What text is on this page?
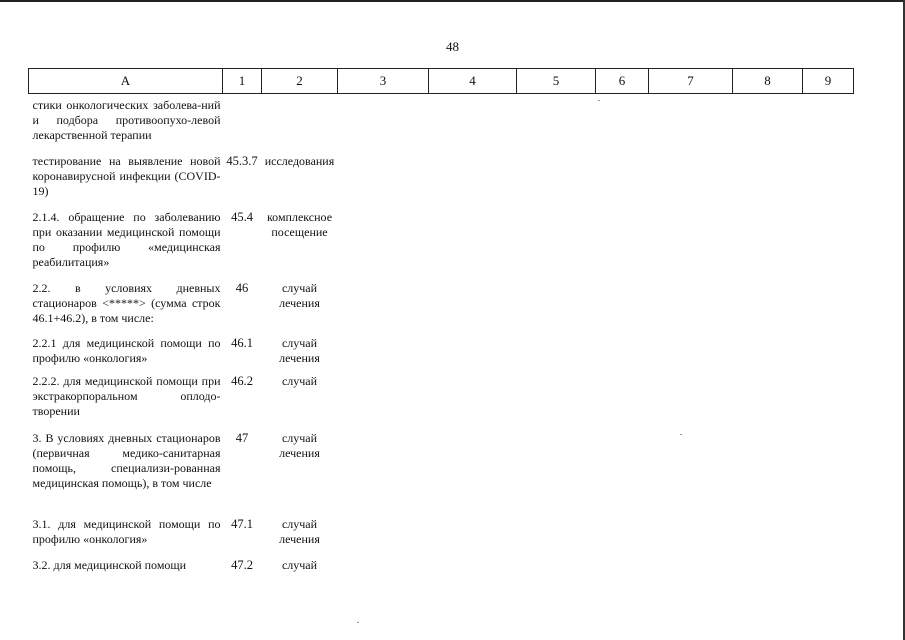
48
А	1	2	3	4	5	6	7	8	9
стики онкологических заболева-ний и подбора противоопухо-левой лекарственной терапии									
тестирование на выявление новой коронавирусной инфекции (COVID-19)	45.3.7	исследования							
2.1.4. обращение по заболеванию при оказании медицинской помощи по профилю «медицинская реабилитация»	45.4	комплексное посещение							
2.2. в условиях дневных стационаров <*****> (сумма строк 46.1+46.2), в том числе:	46	случай лечения							
2.2.1 для медицинской помощи по профилю «онкология»	46.1	случай лечения							
2.2.2. для медицинской помощи при экстракорпоральном оплодо-творении	46.2	случай							
3. В условиях дневных стационаров (первичная медико-санитарная помощь, специализи-рованная медицинская помощь), в том числе	47	случай лечения							
3.1. для медицинской помощи по профилю «онкология»	47.1	случай лечения							
3.2. для медицинской помощи	47.2	случай							
